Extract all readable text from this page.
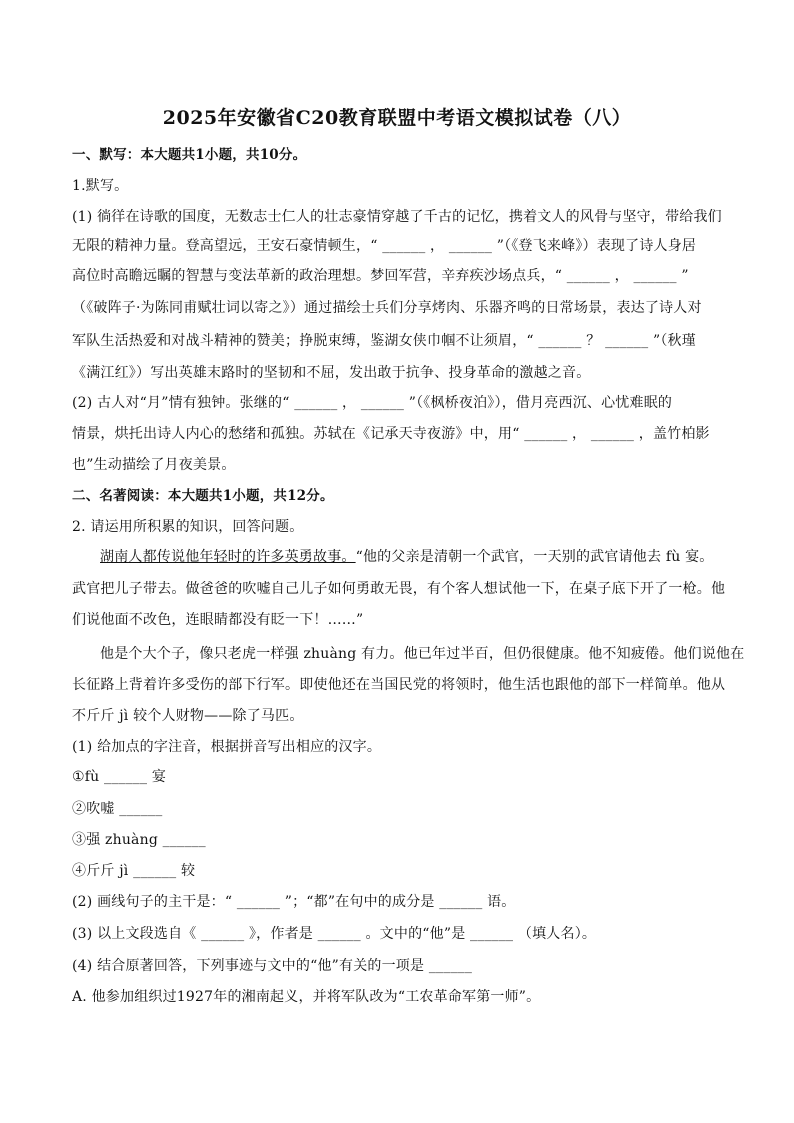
2025年安徽省C20教育联盟中考语文模拟试卷（八）
一、默写：本大题共1小题，共10分。
1.默写。
(1) 徜徉在诗歌的国度，无数志士仁人的壮志豪情穿越了千古的记忆，携着文人的风骨与坚守，带给我们
无限的精神力量。登高望远，王安石豪情顿生，“ ______ ， ______ ”（《登飞来峰》）表现了诗人身居
高位时高瞻远瞩的智慧与变法革新的政治理想。梦回军营，辛弃疾沙场点兵，“ ______ ， ______ ”
（《破阵子·为陈同甫赋壮词以寄之》）通过描绘士兵们分享烤肉、乐器齐鸣的日常场景，表达了诗人对
军队生活热爱和对战斗精神的赞美；挣脱束缚，鉴湖女侠巾帼不让须眉，“ ______ ？ ______ ”（秋瑾
《满江红》）写出英雄末路时的坚韧和不屈，发出敢于抗争、投身革命的激越之音。
(2) 古人对“月”情有独钟。张继的“ ______ ， ______ ”（《枫桥夜泊》），借月亮西沉、心忧难眠的
情景，烘托出诗人内心的愁绪和孤独。苏轼在《记承天寺夜游》中，用“ ______ ， ______ ，盖竹柏影
也”生动描绘了月夜美景。
二、名著阅读：本大题共1小题，共12分。
2. 请运用所积累的知识，回答问题。
湖南人都传说他年轻时的许多英勇故事。“他的父亲是清朝一个武官，一天别的武官请他去 fù 宴。
武官把儿子带去。做爸爸的吹嘘自己儿子如何勇敢无畏，有个客人想试他一下，在桌子底下开了一枪。他
们说他面不改色，连眼睛都没有眨一下！……”
他是个大个子，像只老虎一样强 zhuàng 有力。他已年过半百，但仍很健康。他不知疲倦。他们说他在
长征路上背着许多受伤的部下行军。即使他还在当国民党的将领时，他生活也跟他的部下一样简单。他从
不斤斤 jì 较个人财物——除了马匹。
(1) 给加点的字注音，根据拼音写出相应的汉字。
①fù ______ 宴
②吹嘘 ______
③强 zhuàng ______
④斤斤 jì ______ 较
(2) 画线句子的主干是：“ ______ ”；“都”在句中的成分是 ______ 语。
(3) 以上文段选自《 ______ 》，作者是 ______ 。文中的“他”是 ______ （填人名）。
(4) 结合原著回答，下列事迹与文中的“他”有关的一项是 ______
A. 他参加组织过1927年的湘南起义，并将军队改为“工农革命军第一师”。
